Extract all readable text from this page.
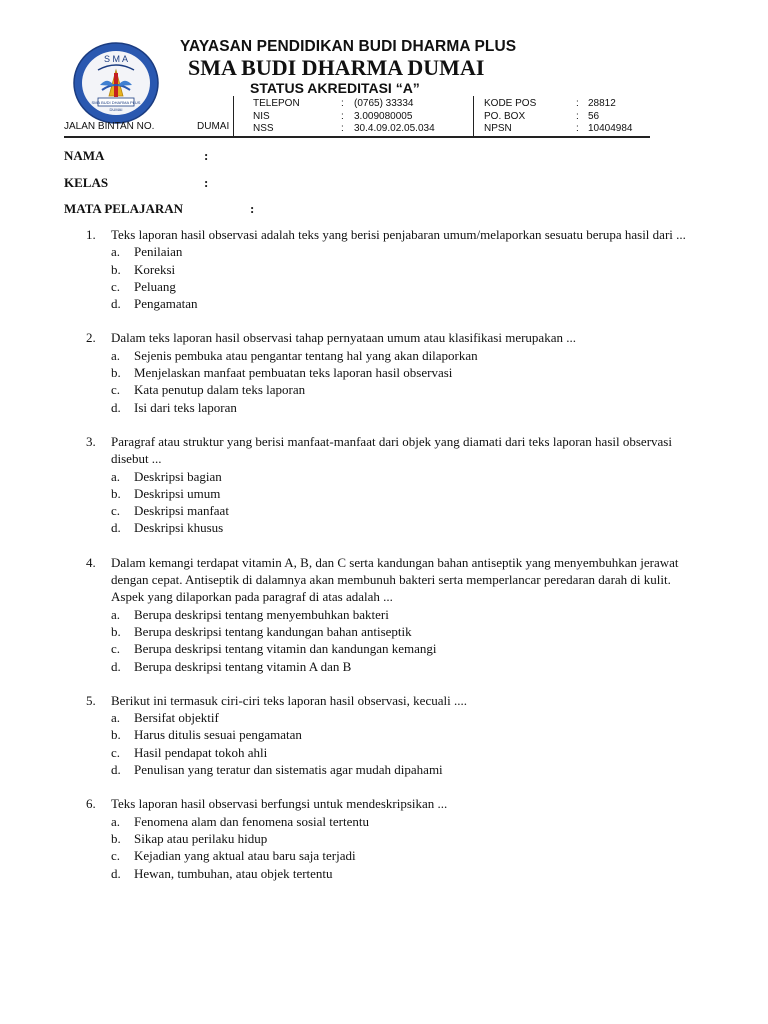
S M A
SMA BUDI DHARMA PLUS
DUMAI
YAYASAN PENDIDIKAN BUDI DHARMA PLUS
SMA BUDI DHARMA DUMAI
STATUS AKREDITASI “A”
JALAN BINTAN NO.	DUMAI
TELEPON	: (0765) 33334
NIS	: 3.009080005
NSS	: 30.4.09.02.05.034
KODE POS	: 28812
PO. BOX	: 56
NPSN	: 10404984
NAMA	:
KELAS	:
MATA PELAJARAN	:
1. Teks laporan hasil observasi adalah teks yang berisi penjabaran umum/melaporkan sesuatu berupa hasil dari ...
a. Penilaian
b. Koreksi
c. Peluang
d. Pengamatan
2. Dalam teks laporan hasil observasi tahap pernyataan umum atau klasifikasi merupakan ...
a. Sejenis pembuka atau pengantar tentang hal yang akan dilaporkan
b. Menjelaskan manfaat pembuatan teks laporan hasil observasi
c. Kata penutup dalam teks laporan
d. Isi dari teks laporan
3. Paragraf atau struktur yang berisi manfaat-manfaat dari objek yang diamati dari teks laporan hasil observasi disebut ...
a. Deskripsi bagian
b. Deskripsi umum
c. Deskripsi manfaat
d. Deskripsi khusus
4. Dalam kemangi terdapat vitamin A, B, dan C serta kandungan bahan antiseptik yang menyembuhkan jerawat dengan cepat. Antiseptik di dalamnya akan membunuh bakteri serta memperlancar peredaran darah di kulit.
Aspek yang dilaporkan pada paragraf di atas adalah ...
a. Berupa deskripsi tentang menyembuhkan bakteri
b. Berupa deskripsi tentang kandungan bahan antiseptik
c. Berupa deskripsi tentang vitamin dan kandungan kemangi
d. Berupa deskripsi tentang vitamin A dan B
5. Berikut ini termasuk ciri-ciri teks laporan hasil observasi, kecuali ....
a. Bersifat objektif
b. Harus ditulis sesuai pengamatan
c. Hasil pendapat tokoh ahli
d. Penulisan yang teratur dan sistematis agar mudah dipahami
6. Teks laporan hasil observasi berfungsi untuk mendeskripsikan ...
a. Fenomena alam dan fenomena sosial tertentu
b. Sikap atau perilaku hidup
c. Kejadian yang aktual atau baru saja terjadi
d. Hewan, tumbuhan, atau objek tertentu
